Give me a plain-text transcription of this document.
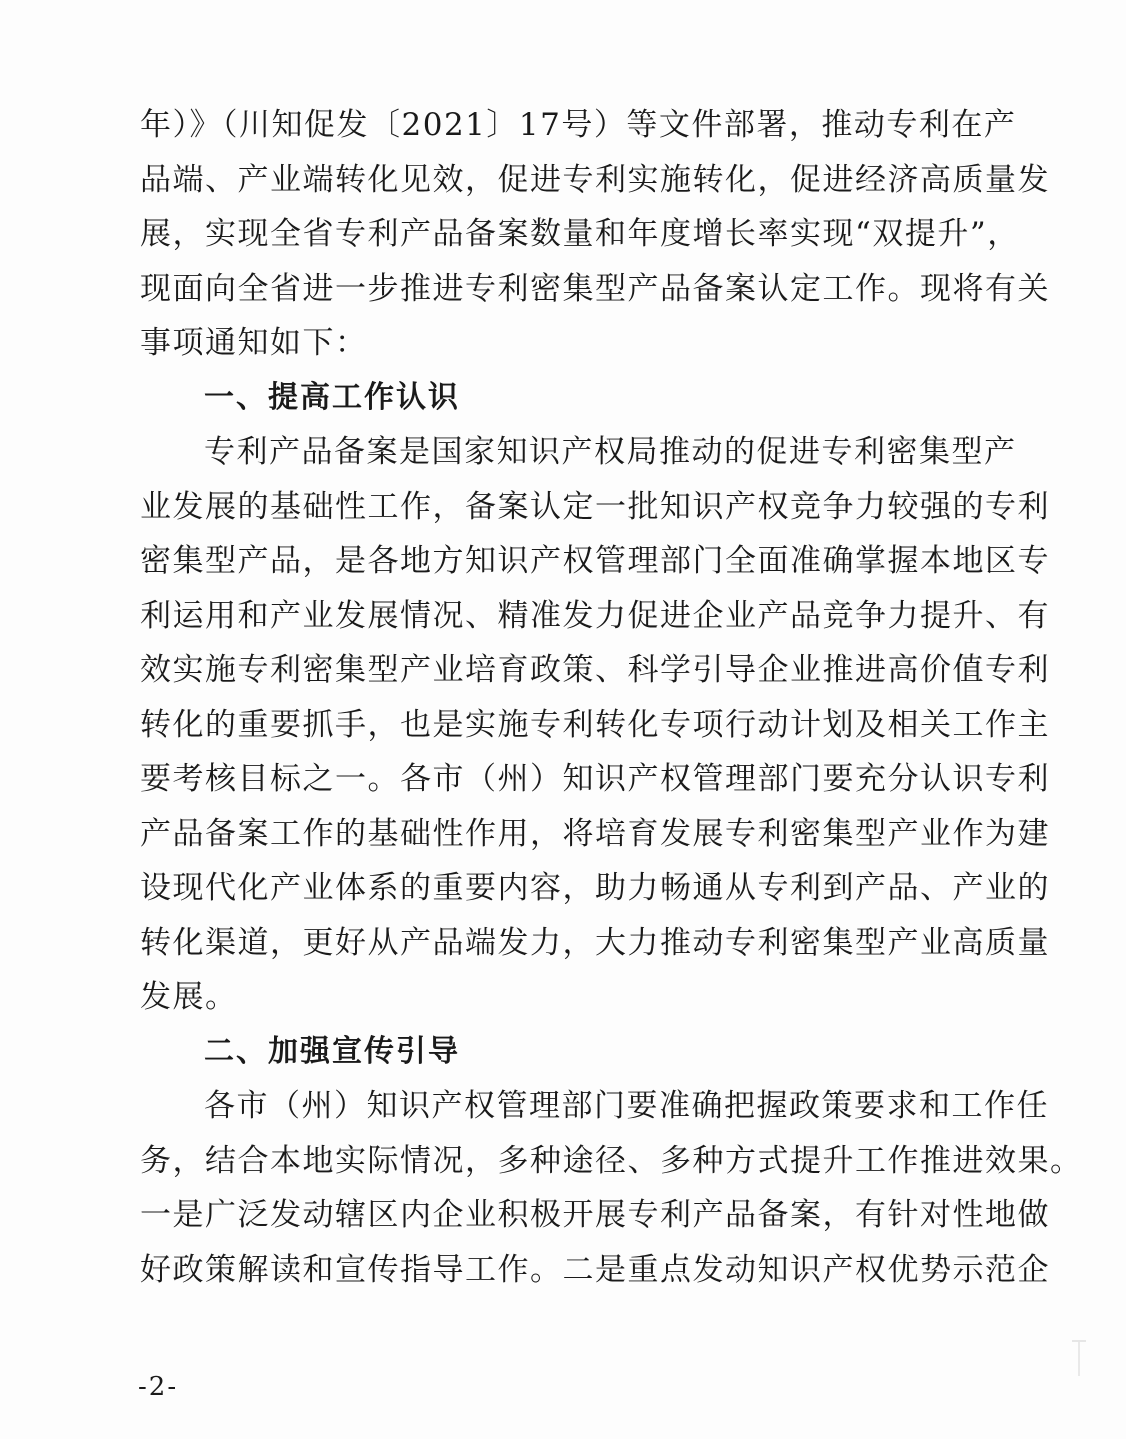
年）》（川知促发〔2021〕17号）等文件部署，推动专利在产
品端、产业端转化见效，促进专利实施转化，促进经济高质量发
展，实现全省专利产品备案数量和年度增长率实现“双提升”，
现面向全省进一步推进专利密集型产品备案认定工作。现将有关
事项通知如下：
一、提高工作认识
专利产品备案是国家知识产权局推动的促进专利密集型产
业发展的基础性工作，备案认定一批知识产权竞争力较强的专利
密集型产品，是各地方知识产权管理部门全面准确掌握本地区专
利运用和产业发展情况、精准发力促进企业产品竞争力提升、有
效实施专利密集型产业培育政策、科学引导企业推进高价值专利
转化的重要抓手，也是实施专利转化专项行动计划及相关工作主
要考核目标之一。各市（州）知识产权管理部门要充分认识专利
产品备案工作的基础性作用，将培育发展专利密集型产业作为建
设现代化产业体系的重要内容，助力畅通从专利到产品、产业的
转化渠道，更好从产品端发力，大力推动专利密集型产业高质量
发展。
二、加强宣传引导
各市（州）知识产权管理部门要准确把握政策要求和工作任
务，结合本地实际情况，多种途径、多种方式提升工作推进效果。
一是广泛发动辖区内企业积极开展专利产品备案，有针对性地做
好政策解读和宣传指导工作。二是重点发动知识产权优势示范企
-2-
